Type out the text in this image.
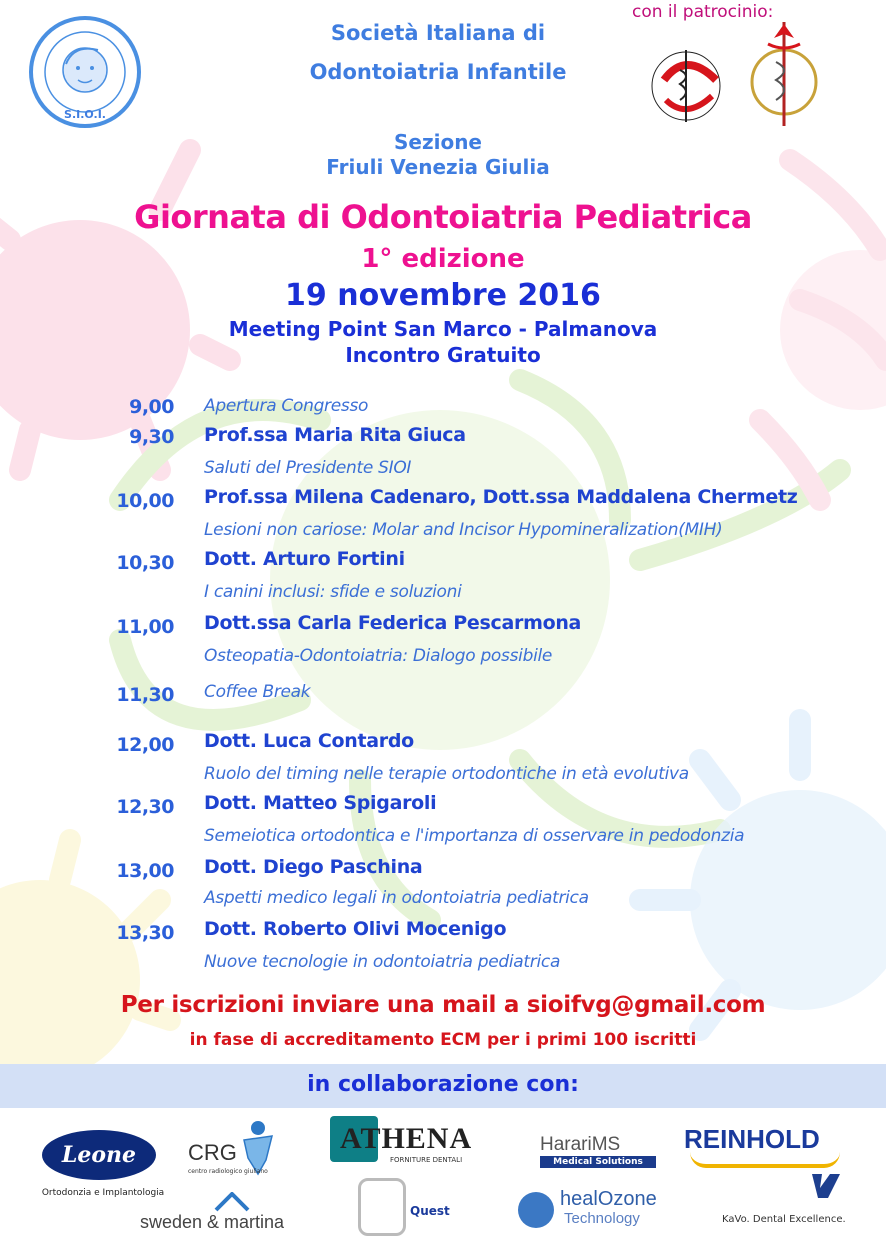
S.I.O.I.
Società Italiana di
Odontoiatria Infantile
Sezione
Friuli Venezia Giulia
con il patrocinio:
Giornata di Odontoiatria Pediatrica
1° edizione
19 novembre 2016
Meeting Point San Marco - Palmanova
Incontro Gratuito
9,00 Apertura Congresso
9,30 Prof.ssa Maria Rita Giuca
Saluti del Presidente SIOI
10,00 Prof.ssa Milena Cadenaro, Dott.ssa Maddalena Chermetz
Lesioni non cariose: Molar and Incisor Hypomineralization(MIH)
10,30 Dott. Arturo Fortini
I canini inclusi: sfide e soluzioni
11,00 Dott.ssa Carla Federica Pescarmona
Osteopatia-Odontoiatria: Dialogo possibile
11,30 Coffee Break
12,00 Dott. Luca Contardo
Ruolo del timing nelle terapie ortodontiche in età evolutiva
12,30 Dott. Matteo Spigaroli
Semeiotica ortodontica e l'importanza di osservare in pedodonzia
13,00 Dott. Diego Paschina
Aspetti medico legali in odontoiatria pediatrica
13,30 Dott. Roberto Olivi Mocenigo
Nuove tecnologie in odontoiatria pediatrica
Per iscrizioni inviare una mail a sioifvg@gmail.com
in fase di accreditamento ECM per i primi 100 iscritti
in collaborazione con:
Leone
Ortodonzia e Implantologia
CRG
centro radiologico giuliano
ATHENA
FORNITURE DENTALI
HarariMS
Medical Solutions
REINHOLD
sweden & martina
Quest
healOzone
Technology	KaVo. Dental Excellence.
